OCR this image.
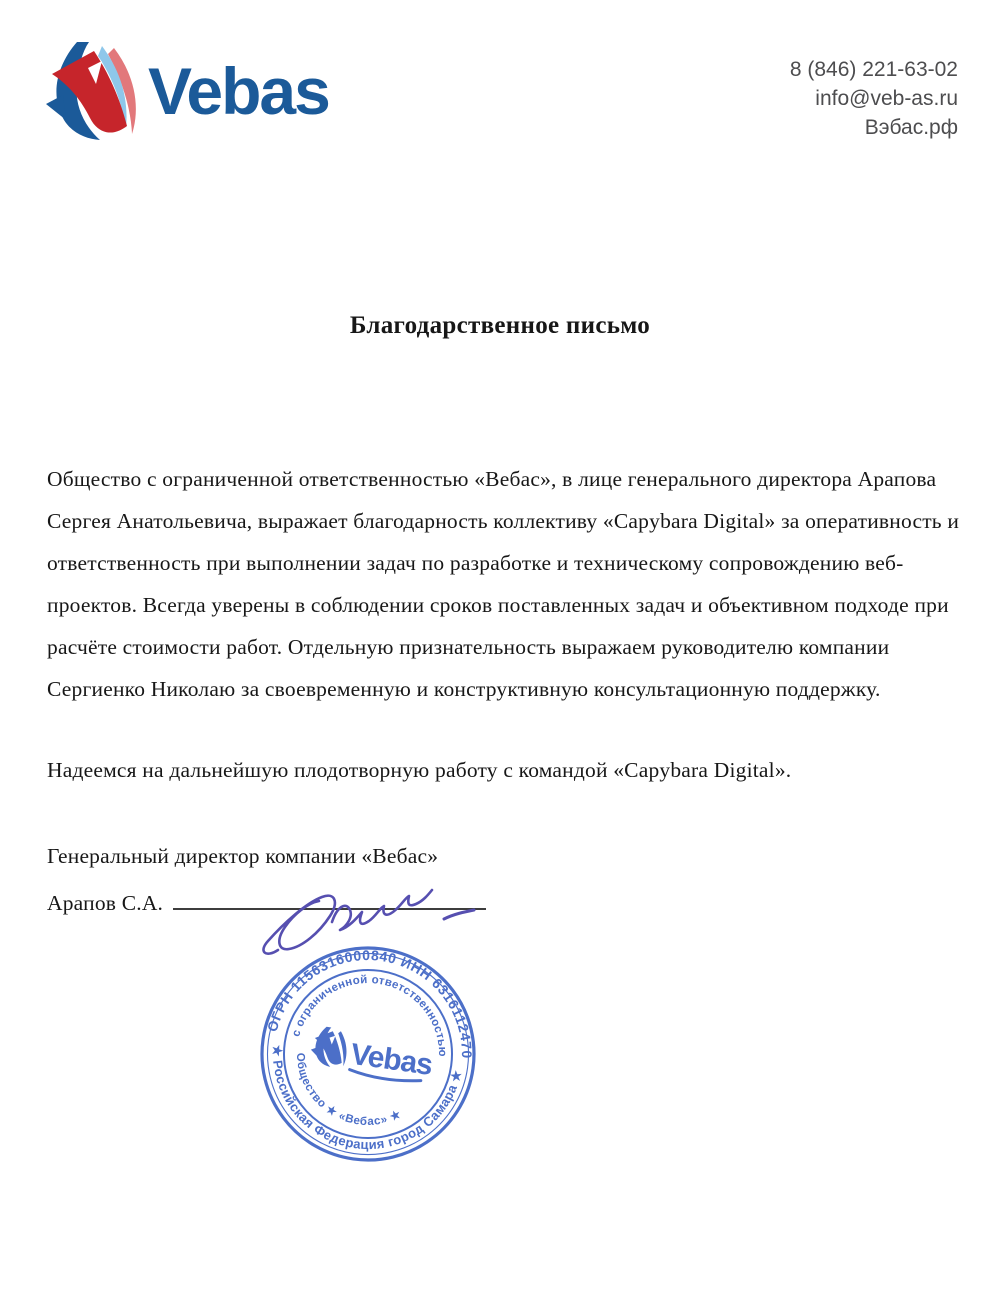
Vebas	8 (846) 221-63-02
info@veb-as.ru
Вэбас.рф
Благодарственное письмо

Общество с ограниченной ответственностью «Вебас», в лице генерального директора Арапова Сергея Анатольевича, выражает благодарность коллективу «Capybara Digital» за оперативность и ответственность при выполнении задач по разработке и техническому сопровождению веб-проектов. Всегда уверены в соблюдении сроков поставленных задач и объективном подходе при расчёте стоимости работ. Отдельную признательность выражаем руководителю компании Сергиенко Николаю за своевременную и конструктивную консультационную поддержку.

Надеемся на дальнейшую плодотворную работу с командой «Capybara Digital».

Генеральный директор компании «Вебас»
Арапов С.А.
ОГРН 1156316000840 ИНН 6316112470
★ Российская Федерация город Самара ★
с ограниченной ответственностью
Общество ★ «Вебас» ★
Vebas
